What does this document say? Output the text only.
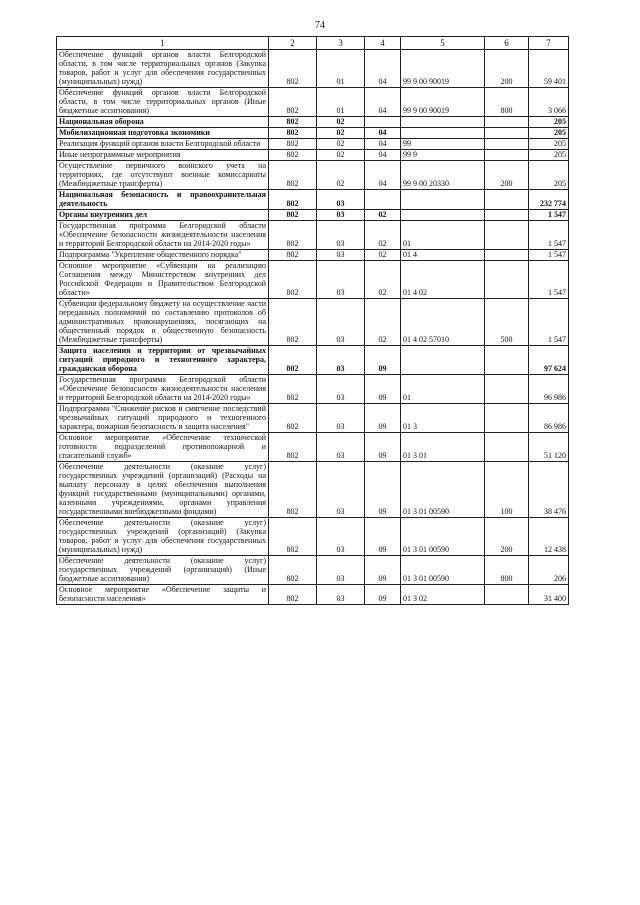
74
1	2	3	4	5	6	7
Обеспечение функций органов власти Белгородской области, в том числе территориальных органов (Закупка товаров, работ и услуг для обеспечения государственных (муниципальных) нужд)	802	01	04	99 9 00 90019	200	59 401
Обеспечение функций органов власти Белгородской области, в том числе территориальных органов (Иные бюджетные ассигнования)	802	01	04	99 9 00 90019	800	3 066
Национальная оборона	802	02				205
Мобилизационная подготовка экономики	802	02	04			205
Реализация функций органов власти Белгородской области	802	02	04	99		205
Иные непрограммные мероприятия	802	02	04	99 9		205
Осуществление первичного воинского учета на территориях, где отсутствуют военные комиссариаты (Межбюджетные трансферты)	802	02	04	99 9 00 20330	200	205
Национальная безопасность и правоохранительная деятельность	802	03				232 774
Органы внутренних дел	802	03	02			1 547
Государственная программа Белгородской области «Обеспечение безопасности жизнедеятельности населения и территорий Белгородской области на 2014-2020 годы»	802	03	02	01		1 547
Подпрограмма "Укрепление общественного порядка"	802	03	02	01 4		1 547
Основное мероприятие «Субвенции на реализацию Соглашения между Министерством внутренних дел Российской Федерации и Правительством Белгородской области»	802	03	02	01 4 02		1 547
Субвенции федеральному бюджету на осуществление части переданных полномочий по составлению протоколов об административных правонарушениях, посягающих на общественный порядок и общественную безопасность (Межбюджетные трансферты)	802	03	02	01 4 02 57010	500	1 547
Защита населения и территории от чрезвычайных ситуаций природного и техногенного характера, гражданская оборона	802	03	09			97 624
Государственная программа Белгородской области «Обеспечение безопасности жизнедеятельности населения и территорий Белгородской области на 2014-2020 годы»	802	03	09	01		96 986
Подпрограмма "Снижение рисков и смягчение последствий чрезвычайных ситуаций природного и техногенного характера, пожарная безопасность и защита населения"	802	03	09	01 3		86 986
Основное мероприятие «Обеспечение технической готовности подразделений противопожарной и спасательной служб»	802	03	09	01 3 01		51 120
Обеспечение деятельности (оказание услуг) государственных учреждений (организаций) (Расходы на выплату персоналу в целях обеспечения выполнения функций государственными (муниципальными) органами, казенными учреждениями, органами управления государственными внебюджетными фондами)	802	03	09	01 3 01 00590	100	38 476
Обеспечение деятельности (оказание услуг) государственных учреждений (организаций) (Закупка товаров, работ и услуг для обеспечения государственных (муниципальных) нужд)	802	03	09	01 3 01 00590	200	12 438
Обеспечение деятельности (оказание услуг) государственных учреждений (организаций) (Иные бюджетные ассигнования)	802	03	09	01 3 01 00590	800	206
Основное мероприятие «Обеспечение защиты и безопасности населения»	802	03	09	01 3 02		31 400
